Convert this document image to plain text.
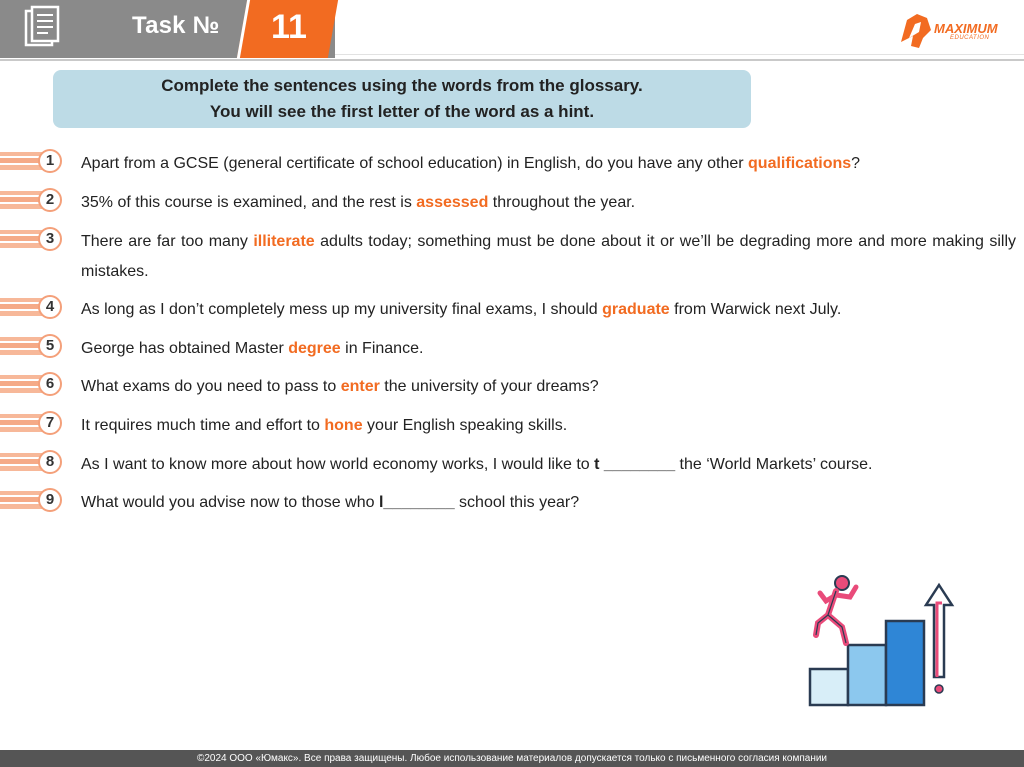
Task №	11	MAXIMUM
EDUCATION
Complete the sentences using the words from the glossary.
You will see the first letter of the word as a hint.
1	Apart from a GCSE (general certificate of school education) in English, do you have any other qualifications?
2	35% of this course is examined, and the rest is assessed throughout the year.
3	There are far too many illiterate adults today; something must be done about it or we’ll be degrading more and more making silly mistakes.
4	As long as I don’t completely mess up my university final exams, I should graduate from Warwick next July.
5	George has obtained Master degree in Finance.
6	What exams do you need to pass to enter the university of your dreams?
7	It requires much time and effort to hone your English speaking skills.
8	As I want to know more about how world economy works, I would like to t ________ the ‘World Markets’ course.
9	What would you advise now to those who l________ school this year?
©2024 ООО «Юмакс». Все права защищены. Любое использование материалов допускается только с письменного согласия компании
